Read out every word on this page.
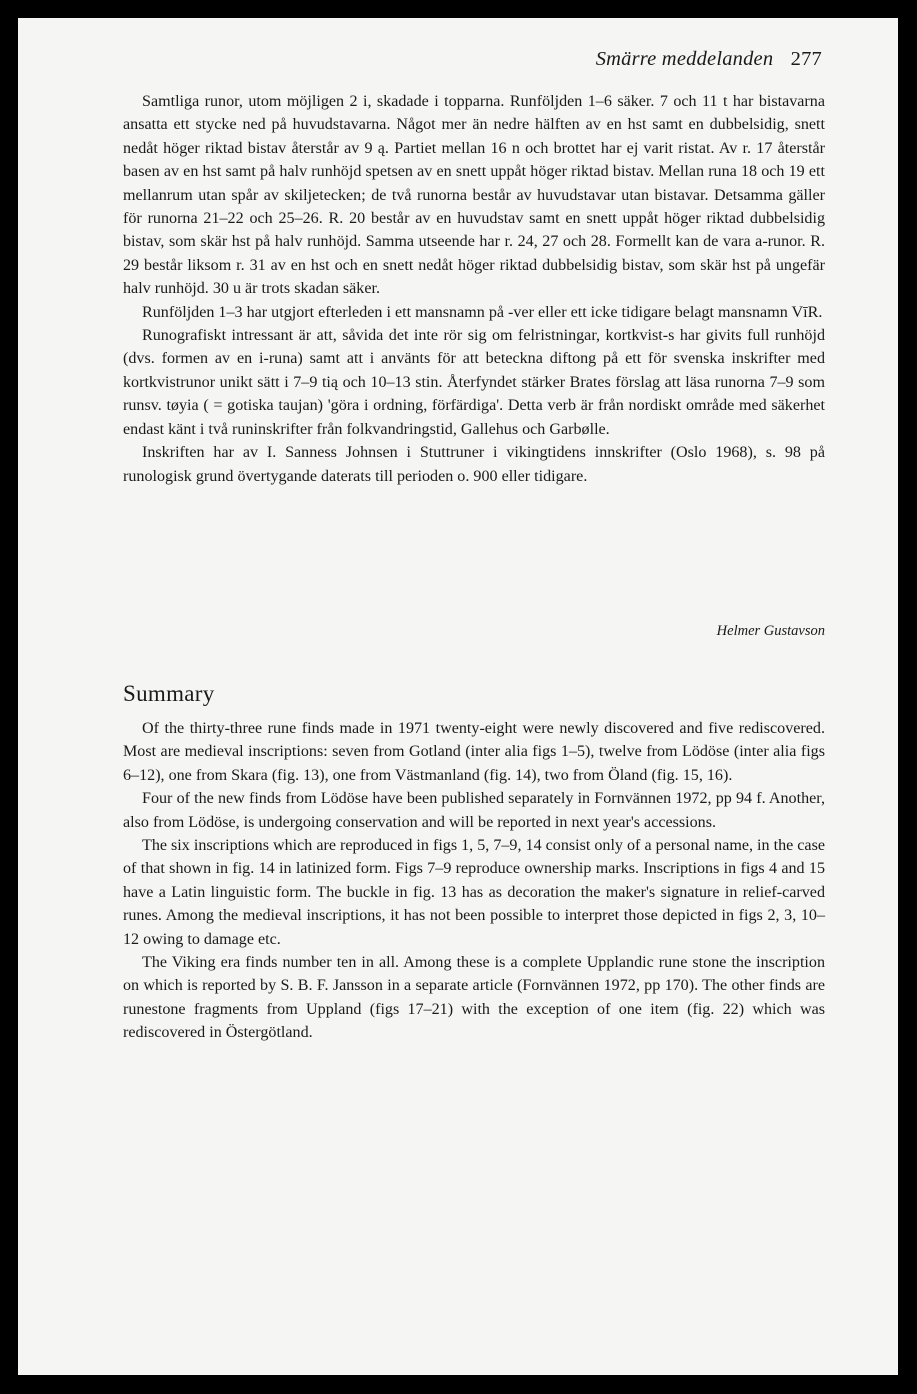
Smärre meddelanden 277

Samtliga runor, utom möjligen 2 i, skadade i topparna. Runföljden 1–6 säker. 7 och 11 t har bistavarna ansatta ett stycke ned på huvudstavarna. Något mer än nedre hälften av en hst samt en dubbelsidig, snett nedåt höger riktad bistav återstår av 9 ą. Partiet mellan 16 n och brottet har ej varit ristat. Av r. 17 återstår basen av en hst samt på halv runhöjd spetsen av en snett uppåt höger riktad bistav. Mellan runa 18 och 19 ett mellanrum utan spår av skiljetecken; de två runorna består av huvudstavar utan bistavar. Detsamma gäller för runorna 21–22 och 25–26. R. 20 består av en huvudstav samt en snett uppåt höger riktad dubbelsidig bistav, som skär hst på halv runhöjd. Samma utseende har r. 24, 27 och 28. Formellt kan de vara a-runor. R. 29 består liksom r. 31 av en hst och en snett nedåt höger riktad dubbelsidig bistav, som skär hst på ungefär halv runhöjd. 30 u är trots skadan säker.

Runföljden 1–3 har utgjort efterleden i ett mansnamn på -ver eller ett icke tidigare belagt mansnamn VīR.

Runografiskt intressant är att, såvida det inte rör sig om felristningar, kortkvist-s har givits full runhöjd (dvs. formen av en i-runa) samt att i använts för att beteckna diftong på ett för svenska inskrifter med kortkvistrunor unikt sätt i 7–9 tią och 10–13 stin. Återfyndet stärker Brates förslag att läsa runorna 7–9 som runsv. tøyia ( = gotiska taujan) 'göra i ordning, förfärdiga'. Detta verb är från nordiskt område med säkerhet endast känt i två runinskrifter från folkvandringstid, Gallehus och Garbølle.

Inskriften har av I. Sanness Johnsen i Stuttruner i vikingtidens innskrifter (Oslo 1968), s. 98 på runologisk grund övertygande daterats till perioden o. 900 eller tidigare.

Helmer Gustavson
Summary

Of the thirty-three rune finds made in 1971 twenty-eight were newly discovered and five rediscovered. Most are medieval inscriptions: seven from Gotland (inter alia figs 1–5), twelve from Lödöse (inter alia figs 6–12), one from Skara (fig. 13), one from Västmanland (fig. 14), two from Öland (fig. 15, 16).

Four of the new finds from Lödöse have been published separately in Fornvännen 1972, pp 94 f. Another, also from Lödöse, is undergoing conservation and will be reported in next year's accessions.

The six inscriptions which are reproduced in figs 1, 5, 7–9, 14 consist only of a personal name, in the case of that shown in fig. 14 in latinized form. Figs 7–9 reproduce ownership marks. Inscriptions in figs 4 and 15 have a Latin linguistic form. The buckle in fig. 13 has as decoration the maker's signature in relief-carved runes. Among the medieval inscriptions, it has not been possible to interpret those depicted in figs 2, 3, 10–12 owing to damage etc.

The Viking era finds number ten in all. Among these is a complete Upplandic rune stone the inscription on which is reported by S. B. F. Jansson in a separate article (Fornvännen 1972, pp 170). The other finds are runestone fragments from Uppland (figs 17–21) with the exception of one item (fig. 22) which was rediscovered in Östergötland.
